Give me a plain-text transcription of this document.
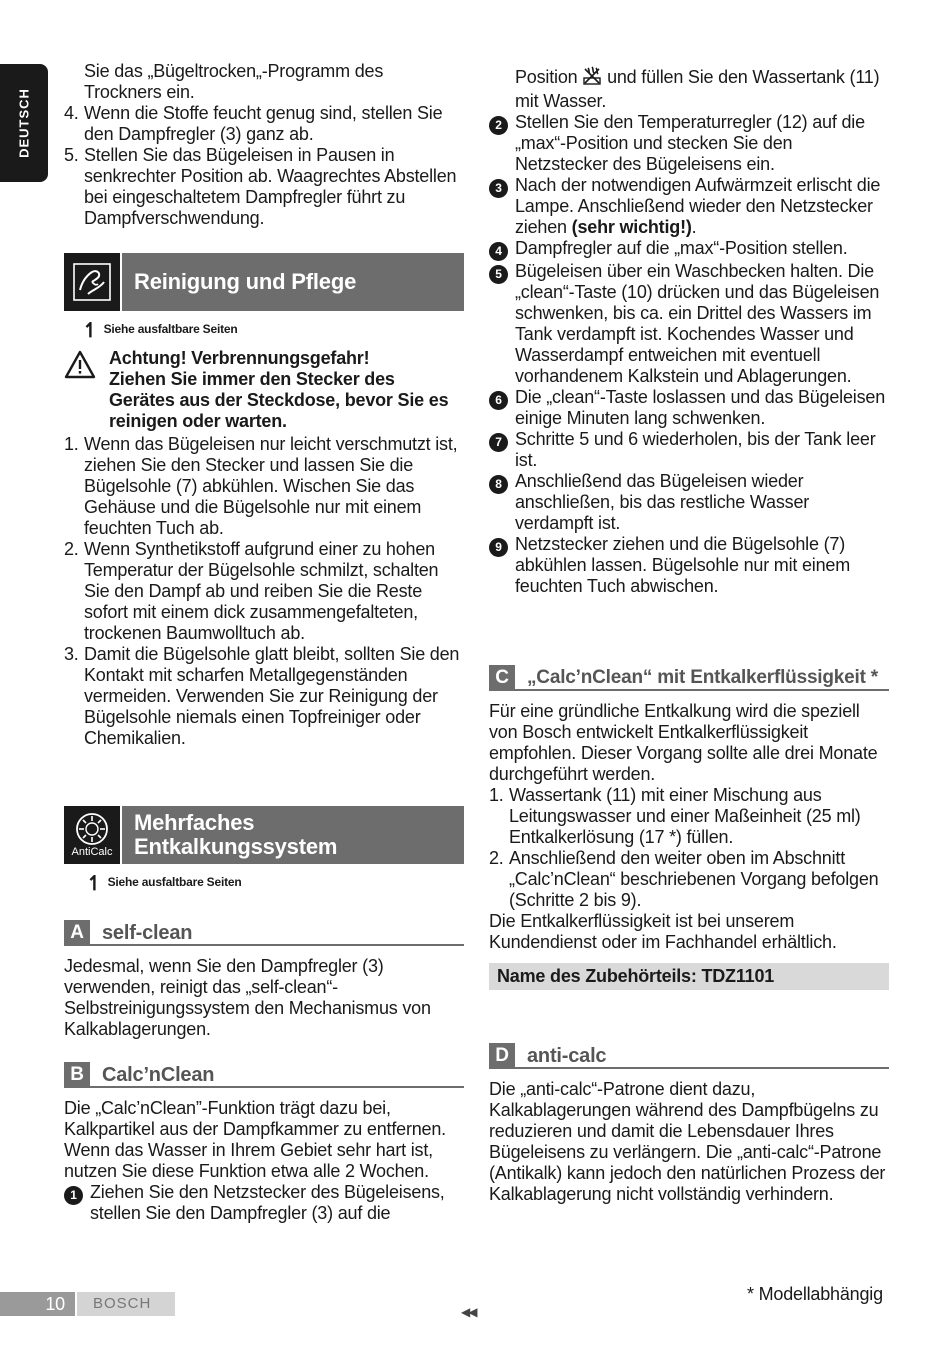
DEUTSCH

Sie das „Bügeltrocken„-Programm des Trockners ein.

4. Wenn die Stoffe feucht genug sind, stellen Sie den Dampfregler (3) ganz ab.
5. Stellen Sie das Bügeleisen in Pausen in senkrechter Position ab. Waagrechtes Abstellen bei eingeschaltetem Dampfregler führt zu Dampfverschwendung.
Reinigung und Pflege
↿ Siehe ausfaltbare Seiten

Achtung! Verbrennungsgefahr!

Ziehen Sie immer den Stecker des Gerätes aus der Steckdose, bevor Sie es reinigen oder warten.

1. Wenn das Bügeleisen nur leicht verschmutzt ist, ziehen Sie den Stecker und lassen Sie die Bügelsohle (7) abkühlen. Wischen Sie das Gehäuse und die Bügelsohle nur mit einem feuchten Tuch ab.
2. Wenn Synthetikstoff aufgrund einer zu hohen Temperatur der Bügelsohle schmilzt, schalten Sie den Dampf ab und reiben Sie die Reste sofort mit einem dick zusammengefalteten, trockenen Baumwolltuch ab.
3. Damit die Bügelsohle glatt bleibt, sollten Sie den Kontakt mit scharfen Metallgegenständen vermeiden. Verwenden Sie zur Reinigung der Bügelsohle niemals einen Topfreiniger oder Chemikalien.
AntiCalc
Mehrfaches
Entkalkungssystem
↿ Siehe ausfaltbare Seiten
A self-clean

Jedesmal, wenn Sie den Dampfregler (3) verwenden, reinigt das „self-clean“-Selbstreinigungssystem den Mechanismus von Kalkablagerungen.

B Calc’nClean

Die „Calc’nClean”-Funktion trägt dazu bei, Kalkpartikel aus der Dampfkammer zu entfernen. Wenn das Wasser in Ihrem Gebiet sehr hart ist, nutzen Sie diese Funktion etwa alle 2 Wochen.

1 Ziehen Sie den Netzstecker des Bügeleisens, stellen Sie den Dampfregler (3) auf die

Position und füllen Sie den Wassertank (11) mit Wasser.

2 Stellen Sie den Temperaturregler (12) auf die „max“-Position und stecken Sie den Netzstecker des Bügeleisens ein.
3 Nach der notwendigen Aufwärmzeit erlischt die Lampe. Anschließend wieder den Netzstecker ziehen (sehr wichtig!).
4 Dampfregler auf die „max“-Position stellen.
5 Bügeleisen über ein Waschbecken halten. Die „clean“-Taste (10) drücken und das Bügeleisen schwenken, bis ca. ein Drittel des Wassers im Tank verdampft ist. Kochendes Wasser und Wasserdampf entweichen mit eventuell vorhandenem Kalkstein und Ablagerungen.
6 Die „clean“-Taste loslassen und das Bügeleisen einige Minuten lang schwenken.
7 Schritte 5 und 6 wiederholen, bis der Tank leer ist.
8 Anschließend das Bügeleisen wieder anschließen, bis das restliche Wasser verdampft ist.
9 Netzstecker ziehen und die Bügelsohle (7) abkühlen lassen. Bügelsohle nur mit einem feuchten Tuch abwischen.
C „Calc’nClean“ mit Entkalkerflüssigkeit *

Für eine gründliche Entkalkung wird die speziell von Bosch entwickelt Entkalkerflüssigkeit empfohlen. Dieser Vorgang sollte alle drei Monate durchgeführt werden.

1. Wassertank (11) mit einer Mischung aus Leitungswasser und einer Maßeinheit (25 ml) Entkalkerlösung (17 *) füllen.
2. Anschließend den weiter oben im Abschnitt „Calc’nClean“ beschriebenen Vorgang befolgen (Schritte 2 bis 9).

Die Entkalkerflüssigkeit ist bei unserem Kundendienst oder im Fachhandel erhältlich.

Name des Zubehörteils: TDZ1101
D anti-calc

Die „anti-calc“-Patrone dient dazu, Kalkablagerungen während des Dampfbügelns zu reduzieren und damit die Lebensdauer Ihres Bügeleisens zu verlängern. Die „anti-calc“-Patrone (Antikalk) kann jedoch den natürlichen Prozess der Kalkablagerung nicht vollständig verhindern.

10	BOSCH	◀◀
* Modellabhängig
